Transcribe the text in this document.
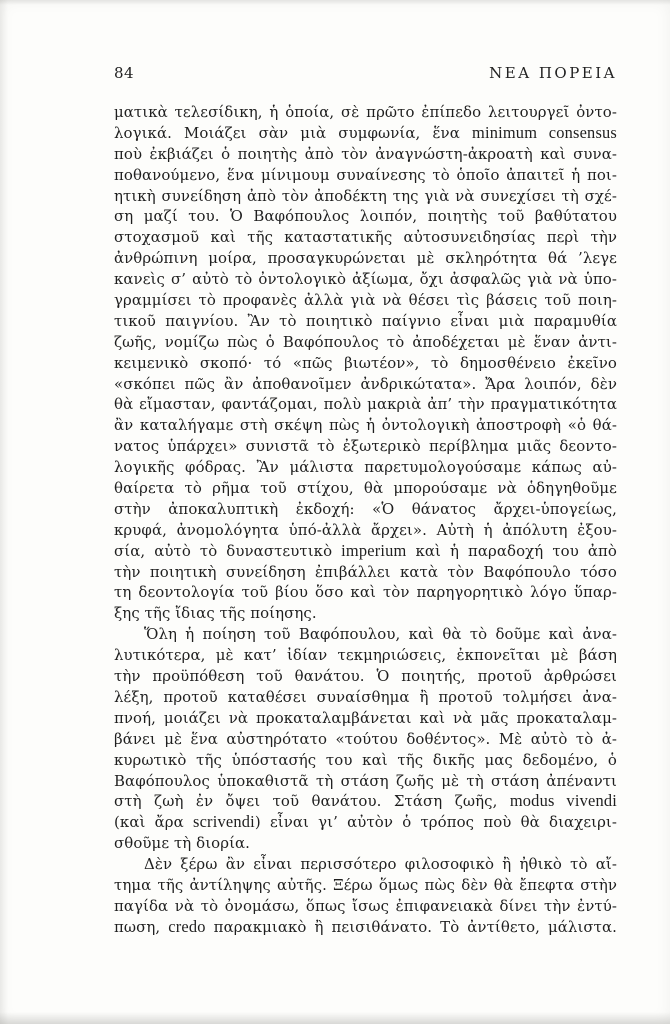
84	ΝΕΑ ΠΟΡΕΙΑ
ματικὰ τελεσίδικη, ἡ ὁποία, σὲ πρῶτο ἐπίπεδο λειτουργεῖ ὀντο-
λογικά. Μοιάζει σὰν μιὰ συμφωνία, ἕνα minimum consensus
ποὺ ἐκβιάζει ὁ ποιητὴς ἀπὸ τὸν ἀναγνώστη-ἀκροατὴ καὶ συνα-
ποθανούμενο, ἕνα μίνιμουμ συναίνεσης τὸ ὁποῖο ἀπαιτεῖ ἡ ποι-
ητικὴ συνείδηση ἀπὸ τὸν ἀποδέκτη της γιὰ νὰ συνεχίσει τὴ σχέ-
ση μαζί του. Ὁ Βαφόπουλος λοιπόν, ποιητὴς τοῦ βαθύτατου
στοχασμοῦ καὶ τῆς καταστατικῆς αὐτοσυνειδησίας περὶ τὴν
ἀνθρώπινη μοίρα, προσαγκυρώνεται μὲ σκληρότητα θά ’λεγε
κανεὶς σ’ αὐτὸ τὸ ὀντολογικὸ ἀξίωμα, ὄχι ἀσφαλῶς γιὰ νὰ ὑπο-
γραμμίσει τὸ προφανὲς ἀλλὰ γιὰ νὰ θέσει τὶς βάσεις τοῦ ποιη-
τικοῦ παιγνίου. Ἂν τὸ ποιητικὸ παίγνιο εἶναι μιὰ παραμυθία
ζωῆς, νομίζω πὼς ὁ Βαφόπουλος τὸ ἀποδέχεται μὲ ἕναν ἀντι-
κειμενικὸ σκοπό· τό «πῶς βιωτέον», τὸ δημοσθένειο ἐκεῖνο
«σκόπει πῶς ἂν ἀποθανοῖμεν ἀνδρικώτατα». Ἄρα λοιπόν, δὲν
θὰ εἴμασταν, φαντάζομαι, πολὺ μακριὰ ἀπ’ τὴν πραγματικότητα
ἂν καταλήγαμε στὴ σκέψη πὼς ἡ ὀντολογικὴ ἀποστροφὴ «ὁ θά-
νατος ὑπάρχει» συνιστᾶ τὸ ἐξωτερικὸ περίβλημα μιᾶς δεοντο-
λογικῆς φόδρας. Ἂν μάλιστα παρετυμολογούσαμε κάπως αὐ-
θαίρετα τὸ ρῆμα τοῦ στίχου, θὰ μπορούσαμε νὰ ὁδηγηθοῦμε
στὴν ἀποκαλυπτικὴ ἐκδοχή: «Ὁ θάνατος ἄρχει-ὑπογείως,
κρυφά, ἀνομολόγητα ὑπό-ἀλλὰ ἄρχει». Αὐτὴ ἡ ἀπόλυτη ἐξου-
σία, αὐτὸ τὸ δυναστευτικὸ imperium καὶ ἡ παραδοχή του ἀπὸ
τὴν ποιητικὴ συνείδηση ἐπιβάλλει κατὰ τὸν Βαφόπουλο τόσο
τη δεοντολογία τοῦ βίου ὅσο καὶ τὸν παρηγορητικὸ λόγο ὕπαρ-
ξης τῆς ἴδιας τῆς ποίησης.
Ὅλη ἡ ποίηση τοῦ Βαφόπουλου, καὶ θὰ τὸ δοῦμε καὶ ἀνα-
λυτικότερα, μὲ κατ’ ἰδίαν τεκμηριώσεις, ἐκπονεῖται μὲ βάση
τὴν προϋπόθεση τοῦ θανάτου. Ὁ ποιητής, προτοῦ ἀρθρώσει
λέξη, προτοῦ καταθέσει συναίσθημα ἢ προτοῦ τολμήσει ἀνα-
πνοή, μοιάζει νὰ προκαταλαμβάνεται καὶ νὰ μᾶς προκαταλαμ-
βάνει μὲ ἕνα αὐστηρότατο «τούτου δοθέντος». Μὲ αὐτὸ τὸ ἀ-
κυρωτικὸ τῆς ὑπόστασής του καὶ τῆς δικῆς μας δεδομένο, ὁ
Βαφόπουλος ὑποκαθιστᾶ τὴ στάση ζωῆς μὲ τὴ στάση ἀπέναντι
στὴ ζωὴ ἐν ὄψει τοῦ θανάτου. Στάση ζωῆς, modus vivendi
(καὶ ἄρα scrivendi) εἶναι γι’ αὐτὸν ὁ τρόπος ποὺ θὰ διαχειρι-
σθοῦμε τὴ διορία.
Δὲν ξέρω ἂν εἶναι περισσότερο φιλοσοφικὸ ἢ ἠθικὸ τὸ αἴ-
τημα τῆς ἀντίληψης αὐτῆς. Ξέρω ὅμως πὼς δὲν θὰ ἔπεφτα στὴν
παγίδα νὰ τὸ ὀνομάσω, ὅπως ἴσως ἐπιφανειακὰ δίνει τὴν ἐντύ-
πωση, credo παρακμιακὸ ἢ πεισιθάνατο. Τὸ ἀντίθετο, μάλιστα.
